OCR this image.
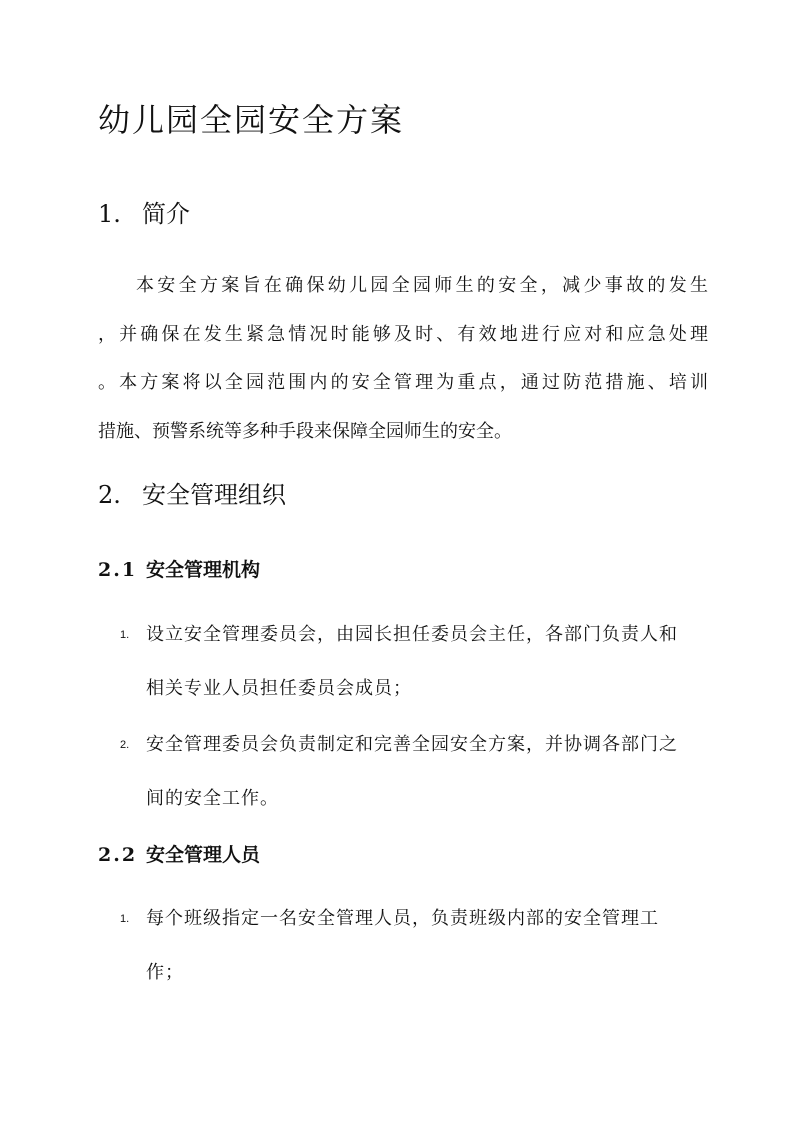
幼儿园全园安全方案
1. 简介

本安全方案旨在确保幼儿园全园师生的安全，减少事故的发生
，并确保在发生紧急情况时能够及时、有效地进行应对和应急处理
。本方案将以全园范围内的安全管理为重点，通过防范措施、培训
措施、预警系统等多种手段来保障全园师生的安全。

2. 安全管理组织
2.1 安全管理机构
1. 设立安全管理委员会，由园长担任委员会主任，各部门负责人和相关专业人员担任委员会成员；
2. 安全管理委员会负责制定和完善全园安全方案，并协调各部门之间的安全工作。
2.2 安全管理人员
1. 每个班级指定一名安全管理人员，负责班级内部的安全管理工作；
